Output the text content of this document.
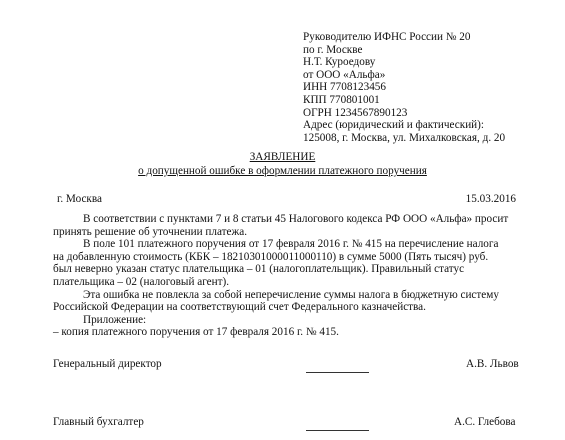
Руководителю ИФНС России № 20
по г. Москве
Н.Т. Куроедову
от ООО «Альфа»
ИНН 7708123456
КПП 770801001
ОГРН 1234567890123
Адрес (юридический и фактический):
125008, г. Москва, ул. Михалковская, д. 20
ЗАЯВЛЕНИЕ
о допущенной ошибке в оформлении платежного поручения
г. Москва	15.03.2016
В соответствии с пунктами 7 и 8 статьи 45 Налогового кодекса РФ ООО «Альфа» просит
принять решение об уточнении платежа.
В поле 101 платежного поручения от 17 февраля 2016 г. № 415 на перечисление налога
на добавленную стоимость (КБК – 18210301000011000110) в сумме 5000 (Пять тысяч) руб.
был неверно указан статус плательщика – 01 (налогоплательщик). Правильный статус
плательщика – 02 (налоговый агент).
Эта ошибка не повлекла за собой неперечисление суммы налога в бюджетную систему
Российской Федерации на соответствующий счет Федерального казначейства.
Приложение:
– копия платежного поручения от 17 февраля 2016 г. № 415.
Генеральный директор	А.В. Львов
Главный бухгалтер	А.С. Глебова
